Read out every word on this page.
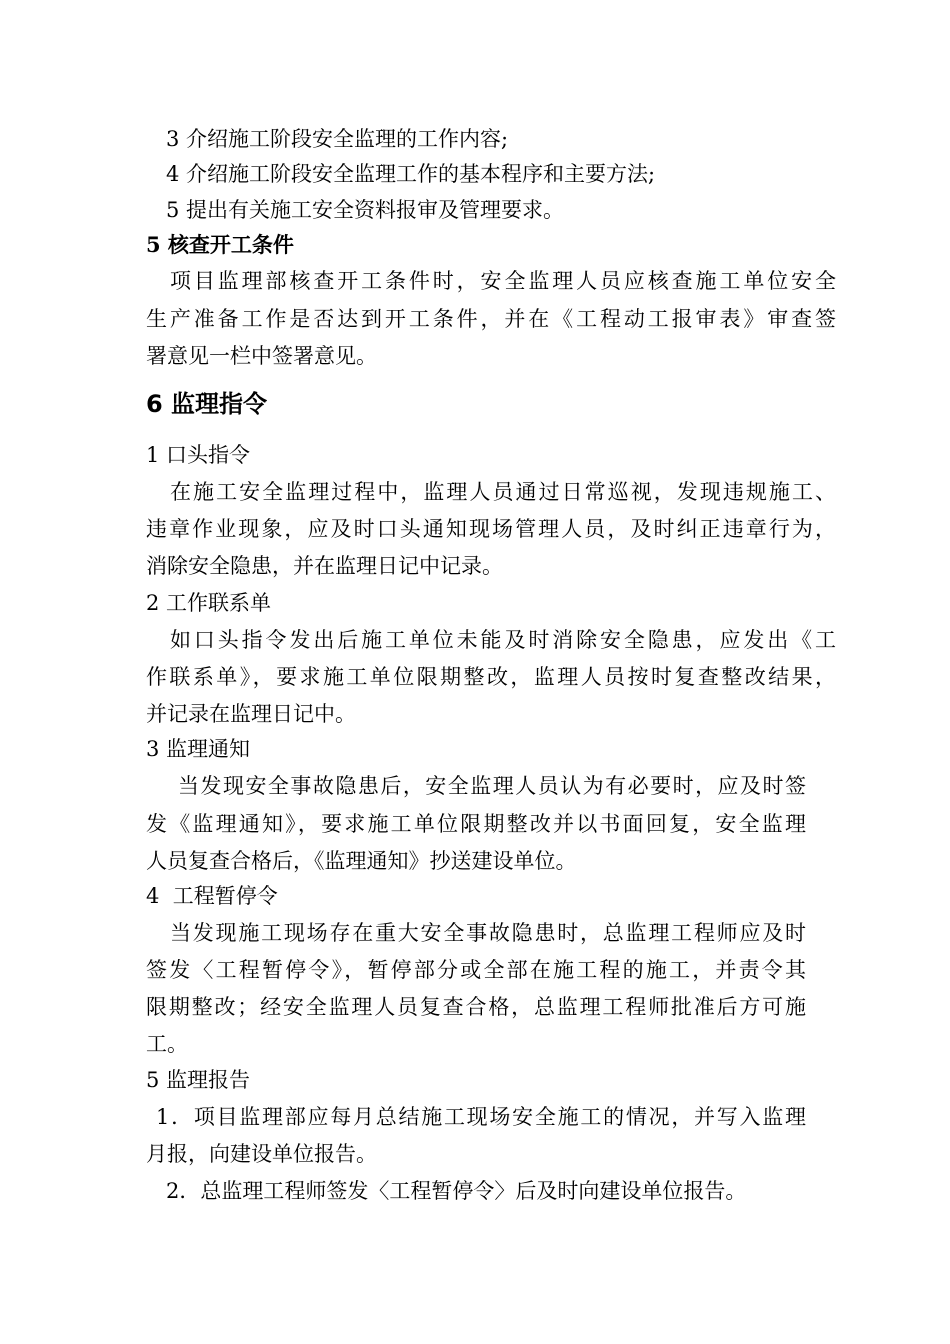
3 介绍施工阶段安全监理的工作内容;
4 介绍施工阶段安全监理工作的基本程序和主要方法;
5 提出有关施工安全资料报审及管理要求。
5 核查开工条件
项目监理部核查开工条件时，安全监理人员应核查施工单位安全
生产准备工作是否达到开工条件，并在《工程动工报审表》审查签
署意见一栏中签署意见。
6 监理指令
1 口头指令
在施工安全监理过程中，监理人员通过日常巡视，发现违规施工、
违章作业现象，应及时口头通知现场管理人员，及时纠正违章行为，
消除安全隐患，并在监理日记中记录。
2 工作联系单
如口头指令发出后施工单位未能及时消除安全隐患，应发出《工
作联系单》，要求施工单位限期整改，监理人员按时复查整改结果，
并记录在监理日记中。
3 监理通知
当发现安全事故隐患后，安全监理人员认为有必要时，应及时签
发《监理通知》，要求施工单位限期整改并以书面回复，安全监理
人员复查合格后，《监理通知》抄送建设单位。
4  工程暂停令
当发现施工现场存在重大安全事故隐患时，总监理工程师应及时
签发〈工程暂停令》，暂停部分或全部在施工程的施工，并责令其
限期整改；经安全监理人员复查合格，总监理工程师批准后方可施
工。
5 监理报告
1．项目监理部应每月总结施工现场安全施工的情况，并写入监理
月报，向建设单位报告。
2．总监理工程师签发〈工程暂停令〉后及时向建设单位报告。
